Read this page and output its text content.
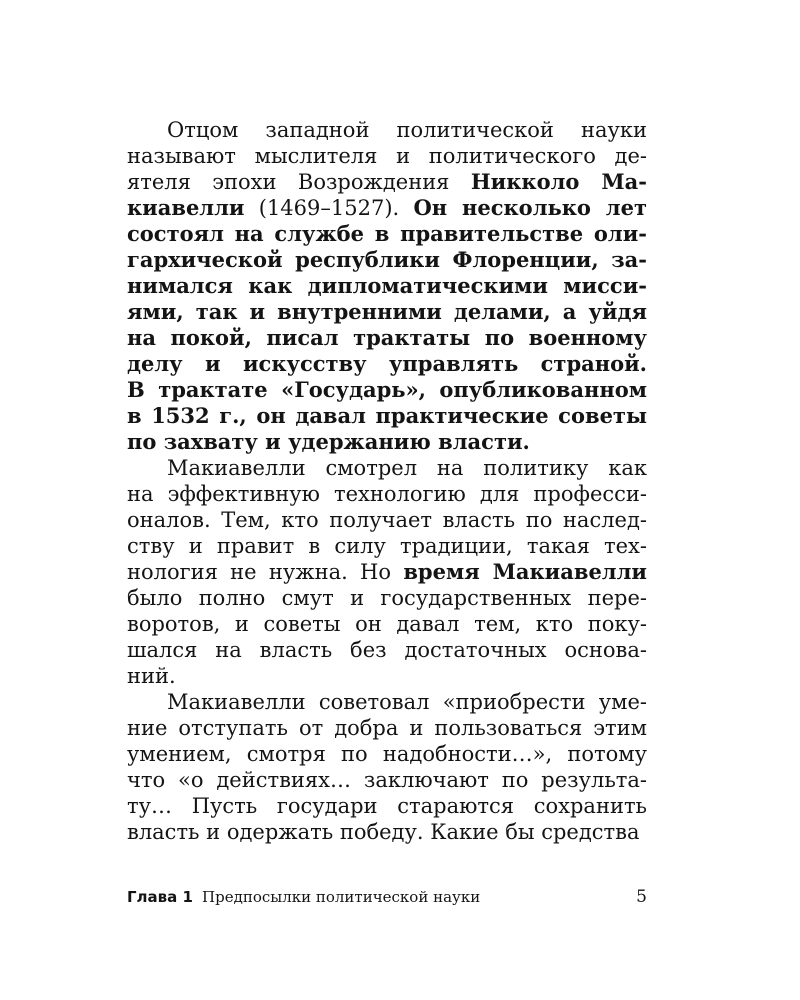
Отцом западной политической науки
называют мыслителя и политического де-
ятеля эпохи Возрождения Никколо Ма-
киавелли (1469–1527). Он несколько лет
состоял на службе в правительстве оли-
гархической республики Флоренции, за-
нимался как дипломатическими мисси-
ями, так и внутренними делами, а уйдя
на покой, писал трактаты по военному
делу и искусству управлять страной.
В трактате «Государь», опубликованном
в 1532 г., он давал практические советы
по захвату и удержанию власти.
Макиавелли смотрел на политику как
на эффективную технологию для професси-
оналов. Тем, кто получает власть по наслед-
ству и правит в силу традиции, такая тех-
нология не нужна. Но время Макиавелли
было полно смут и государственных пере-
воротов, и советы он давал тем, кто поку-
шался на власть без достаточных основа-
ний.
Макиавелли советовал «приобрести уме-
ние отступать от добра и пользоваться этим
умением, смотря по надобности…», потому
что «о действиях… заключают по результа-
ту… Пусть государи стараются сохранить
власть и одержать победу. Какие бы средства
Глава 1 Предпосылки политической науки	5
